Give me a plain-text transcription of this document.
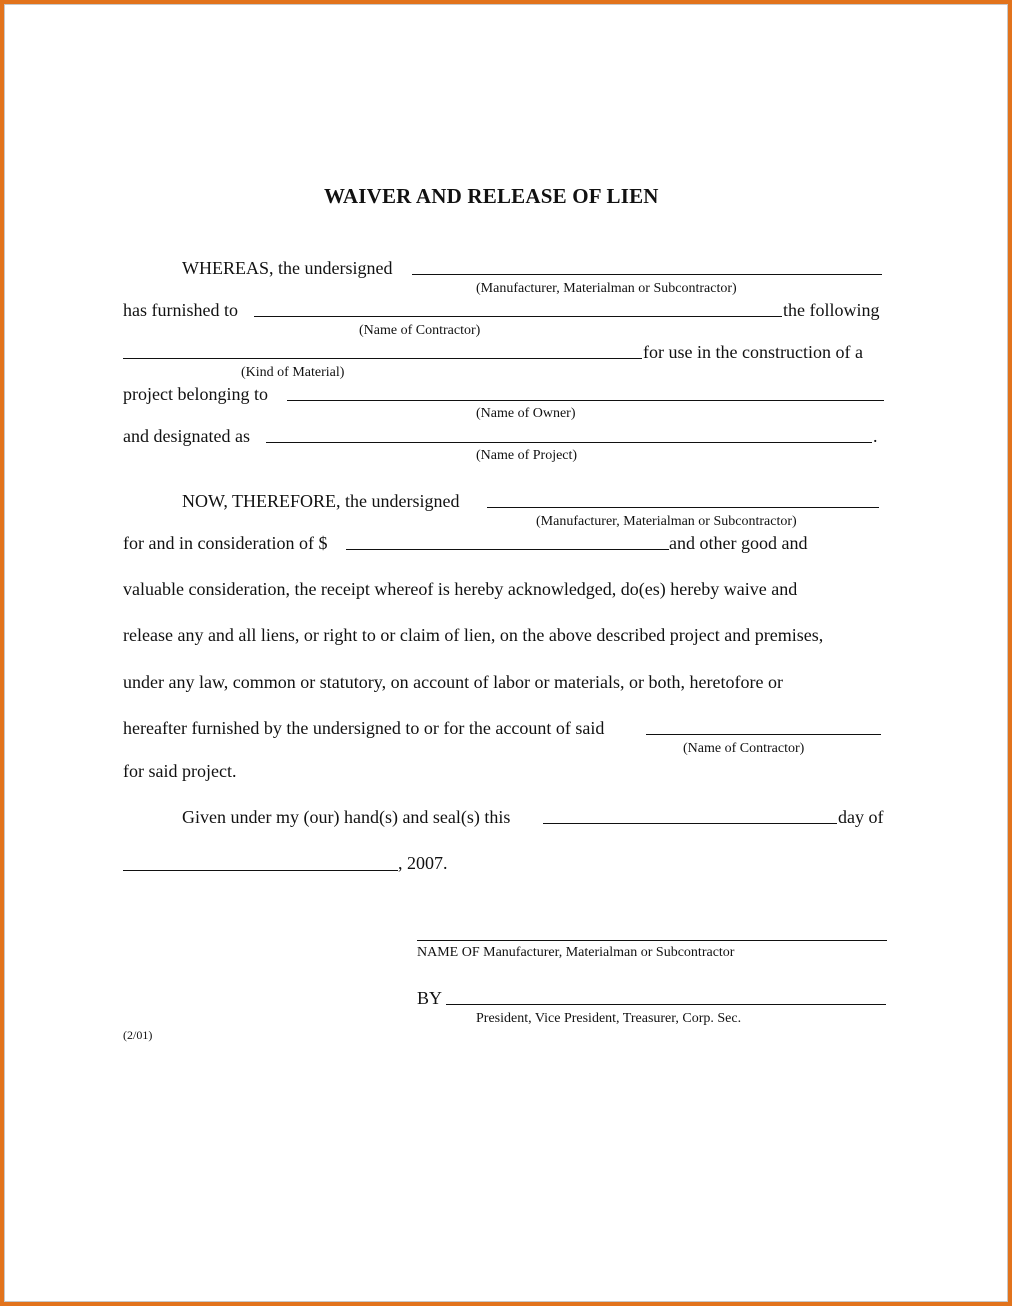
WAIVER AND RELEASE OF LIEN
WHEREAS, the undersigned
(Manufacturer, Materialman or Subcontractor)
has furnished to	the following
(Name of Contractor)
for use in the construction of a
(Kind of Material)
project belonging to
(Name of Owner)
and designated as	.
(Name of Project)
NOW, THEREFORE, the undersigned
(Manufacturer, Materialman or Subcontractor)
for and in consideration of $	and other good and
valuable consideration, the receipt whereof is hereby acknowledged, do(es) hereby waive and
release any and all liens, or right to or claim of lien, on the above described project and premises,
under any law, common or statutory, on account of labor or materials, or both, heretofore or
hereafter furnished by the undersigned to or for the account of said
(Name of Contractor)
for said project.
Given under my (our) hand(s) and seal(s) this	day of
, 2007.
NAME OF Manufacturer, Materialman or Subcontractor
BY
President, Vice President, Treasurer, Corp. Sec.
(2/01)
